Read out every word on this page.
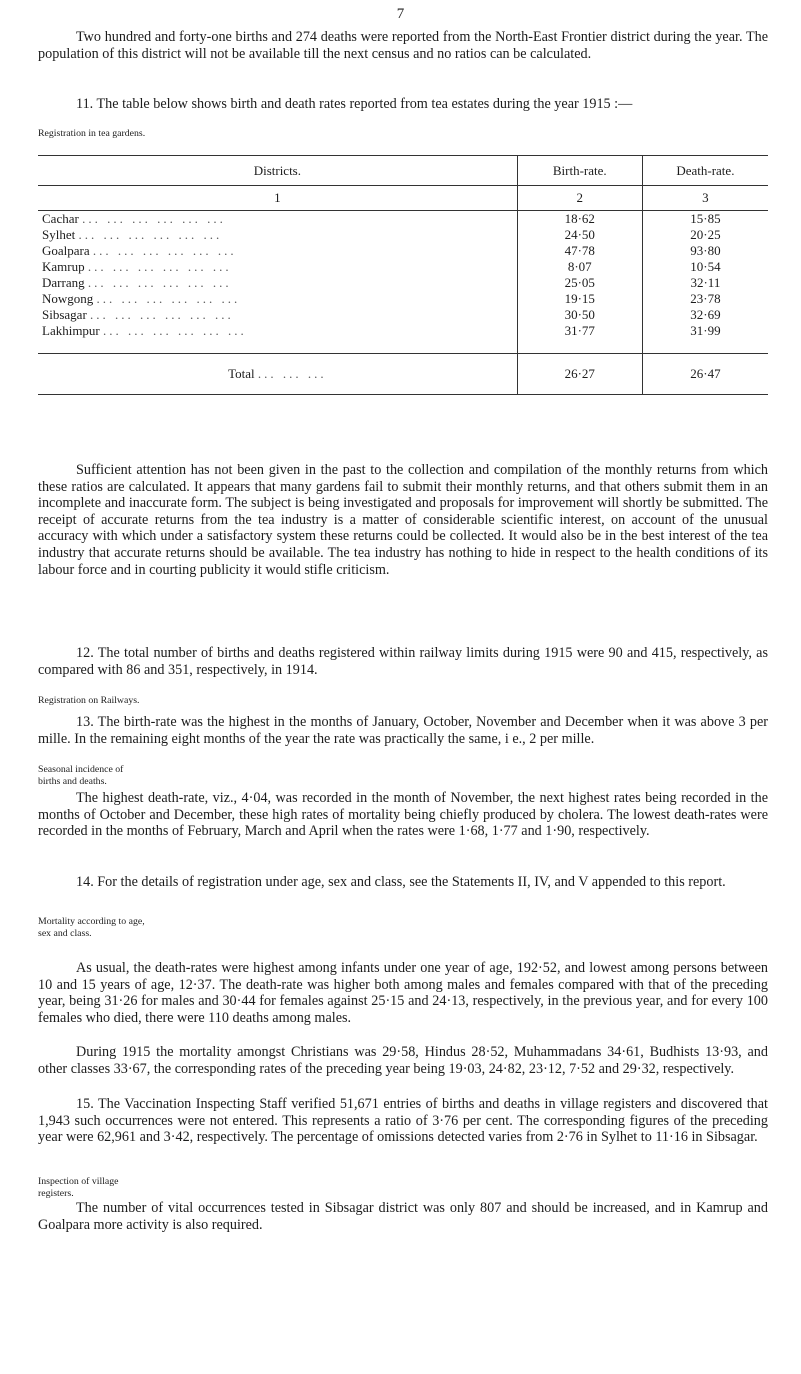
7

Two hundred and forty-one births and 274 deaths were reported from the North-East Frontier district during the year. The population of this district will not be available till the next census and no ratios can be calculated.

Registration in tea gardens.

11. The table below shows birth and death rates reported from tea estates during the year 1915 :—
Districts.	Birth-rate.	Death-rate.
1	2	3
Cachar ... ... ... ... ... ...	18·62	15·85
Sylhet ... ... ... ... ... ...	24·50	20·25
Goalpara ... ... ... ... ... ...	47·78	93·80
Kamrup ... ... ... ... ... ...	8·07	10·54
Darrang ... ... ... ... ... ...	25·05	32·11
Nowgong ... ... ... ... ... ...	19·15	23·78
Sibsagar ... ... ... ... ... ...	30·50	32·69
Lakhimpur ... ... ... ... ... ...	31·77	31·99

Total ... ... ...	26·27	26·47

Sufficient attention has not been given in the past to the collection and compilation of the monthly returns from which these ratios are calculated. It appears that many gardens fail to submit their monthly returns, and that others submit them in an incomplete and inaccurate form. The subject is being investigated and proposals for improvement will shortly be submitted. The receipt of accurate returns from the tea industry is a matter of considerable scientific interest, on account of the unusual accuracy with which under a satisfactory system these returns could be collected. It would also be in the best interest of the tea industry that accurate returns should be available. The tea industry has nothing to hide in respect to the health conditions of its labour force and in courting publicity it would stifle criticism.

12. The total number of births and deaths registered within railway limits during 1915 were 90 and 415, respectively, as compared with 86 and 351, respectively, in 1914.

Registration on Railways.

13. The birth-rate was the highest in the months of January, October, November and December when it was above 3 per mille. In the remaining eight months of the year the rate was practically the same, i e., 2 per mille.

Seasonal incidence of births and deaths.

The highest death-rate, viz., 4·04, was recorded in the month of November, the next highest rates being recorded in the months of October and December, these high rates of mortality being chiefly produced by cholera. The lowest death-rates were recorded in the months of February, March and April when the rates were 1·68, 1·77 and 1·90, respectively.

14. For the details of registration under age, sex and class, see the Statements II, IV, and V appended to this report.

Mortality according to age, sex and class.

As usual, the death-rates were highest among infants under one year of age, 192·52, and lowest among persons between 10 and 15 years of age, 12·37. The death-rate was higher both among males and females compared with that of the preceding year, being 31·26 for males and 30·44 for females against 25·15 and 24·13, respectively, in the previous year, and for every 100 females who died, there were 110 deaths among males.

During 1915 the mortality amongst Christians was 29·58, Hindus 28·52, Muhammadans 34·61, Budhists 13·93, and other classes 33·67, the corresponding rates of the preceding year being 19·03, 24·82, 23·12, 7·52 and 29·32, respectively.

15. The Vaccination Inspecting Staff verified 51,671 entries of births and deaths in village registers and discovered that 1,943 such occurrences were not entered. This represents a ratio of 3·76 per cent. The corresponding figures of the preceding year were 62,961 and 3·42, respectively. The percentage of omissions detected varies from 2·76 in Sylhet to 11·16 in Sibsagar.

Inspection of village registers.

The number of vital occurrences tested in Sibsagar district was only 807 and should be increased, and in Kamrup and Goalpara more activity is also required.
